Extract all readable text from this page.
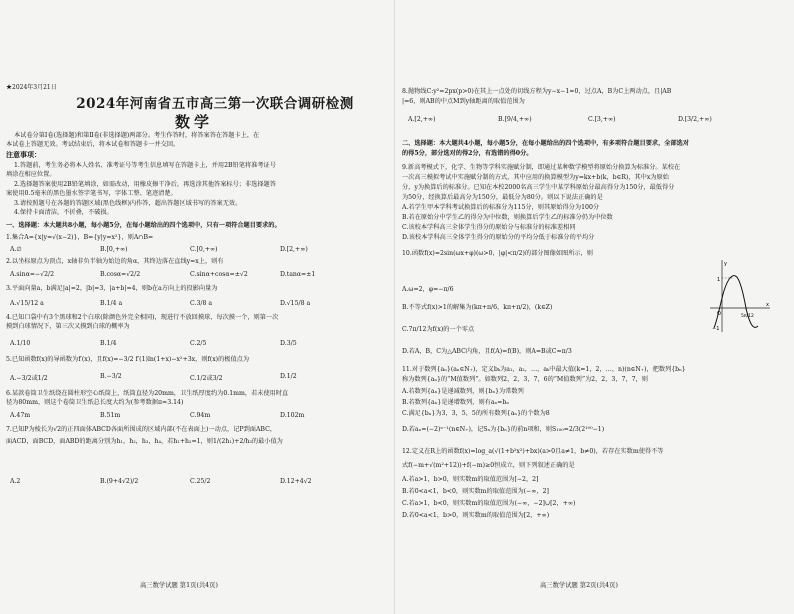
★2024年3月21日
2024年河南省五市高三第一次联合调研检测
数学
本试卷分第Ⅰ卷(选择题)和第Ⅱ卷(非选择题)两部分。考生作答时，将答案答在答题卡上，在
本试卷上答题无效。考试结束后，将本试卷和答题卡一并交回。
注意事项：
1.答题前，考生务必将本人姓名、准考证号等考生信息填写在答题卡上，并用2B铅笔将准考证号
填涂在相应位置。
2.选择题答案使用2B铅笔填涂，如需改动，用橡皮擦干净后，再选涂其他答案标号；非选择题答
案使用0.5毫米的黑色墨水签字笔书写，字体工整、笔迹清楚。
3.请按照题号在各题的答题区域(黑色线框)内作答，超出答题区域书写的答案无效。
4.保持卡面清洁，不折叠，不破损。
一、选择题：本大题共8小题，每小题5分，在每小题给出的四个选项中，只有一项符合题目要求的。
1.集合A={x|y=√(x−2)}，B={y|y=x²}，则A∩B=
A.∅	B.[0,+∞)	C.[0,+∞)	D.[2,+∞)
2.以坐标原点为顶点，x轴非负半轴为始边的角α，其终边落在直线y=x上，则有
A.sinα=−√2/2	B.cosα=√2/2	C.sinα+cosα=±√2	D.tanα=±1
3.平面向量a，b满足|a|=2，|b|=3，|a+b|=4，则b在a方向上的投影向量为
A.√15/12 a	B.1/4 a	C.3/8 a	D.√15/8 a
4.已知口袋中有3个黑球和2个白球(除颜色外完全相同)，现进行不放回摸球，每次摸一个，则第一次
摸到白球情况下，第三次又摸到白球的概率为
A.1/10	B.1/4	C.2/5	D.3/5
5.已知函数f(x)的导函数为f′(x)，且f(x)=−3/2 f′(1)ln(1+x)−x²+3x，则f(x)的极值点为
A.−3/2或1/2	B.−3/2	C.1/2或3/2	D.1/2
6.某款卷筒卫生纸绕在圆柱形空心纸筒上，纸筒直径为20mm，卫生纸厚度约为0.1mm，若未使用时直
径为80mm，则这个卷筒卫生纸总长度大约为(参考数据π≈3.14)
A.47m	B.51m	C.94m	D.102m
7.已知P为棱长为√2的正四面体ABCD各面所围成的区域内部(不在表面上)一动点，记P到面ABC，
面ACD，面BCD，面ABD的距离分别为h₁，h₂，h₃，h₄，若h₁+h₂=1，则1/(2h₁)+2/h₃的最小值为
A.2	B.(9+4√2)/2	C.25/2	D.12+4√2
高三数学试题 第1页(共4页)
8.抛物线C:y²=2px(p>0)在其上一点处的切线方程为y−x−1=0，过点A，B为C上两动点，且|AB
|=6，则AB的中点M到y轴距离的取值范围为
A.[2,+∞)	B.[9/4,+∞)	C.[3,+∞)	D.[3/2,+∞)
二、选择题：本大题共4小题，每小题5分，在每小题给出的四个选项中，有多项符合题目要求，全部选对
的得5分，部分选对的得2分，有选错的得0分。
9.新高考模式下，化学、生物等学科实施赋分制，即通过某种数学模型将原始分换算为标准分。某校在
一次高三模拟考试中实施赋分制的方式，其中应用的换算模型为y=kx+b(k，b∈R)，其中x为原始
分，y为换算后的标准分。已知在本校2000名高三学生中某学科原始分最高得分为150分，最低得分
为50分，经换算后最高分为150分，最低分为80分。则以下说法正确的是
A.若学生甲本学科考试换算后的标准分为115分，则其原始得分为100分
B.若在原始分中学生乙的得分为中位数，则换算后学生乙的标准分仍为中位数
C.该校本学科高三全体学生得分的原始分与标准分的标准差相同
D.该校本学科高三全体学生得分的原始分的平均分低于标准分的平均分
10.函数f(x)=2sin(ωx+φ)(ω>0，|φ|<π/2)的部分图像如图所示，则
A.ω=2，φ=−π/6
B.不等式f(x)>1的解集为(kπ+π/6，kπ+π/2)，(k∈Z)
C.7π/12为f(x)的一个零点
D.若A，B，C为△ABC内角，且f(A)=f(B)，则A=B或C=π/3
1
−1
O	5π/12
x
y
11.对于数列{aₙ}(aₙ∈N₊)，定义bₖ为a₁，a₂，…，aₖ中最大值(k=1，2，…，n)(n∈N₊)，把数列{bₙ}
称为数列{aₙ}的“M值数列”。如数列2，2，3，7，6的“M值数列”为2，2，3，7，7，则
A.若数列{aₙ}是递减数列，则{bₙ}为常数列
B.若数列{aₙ}是递增数列，则有aₙ=bₙ
C.满足{bₙ}为3，3，5，5的所有数列{aₙ}的个数为8
D.若aₙ=(−2)ⁿ⁻¹(n∈N₊)，记Sₙ为{bₙ}的前n项和，则S₁₀₀=2/3(2¹⁰⁰−1)
12.定义在R上的函数f(x)=log_a(√(1+b²x²)+bx)(a>0且a≠1，b≠0)，若存在实数m使得不等
式f(−m+√(m²+12))+f(−m)≥0恒成立，则下列叙述正确的是
A.若a>1，b>0，则实数m的取值范围为[−2，2]
B.若0<a<1，b<0，则实数m的取值范围为(−∞，2]
C.若a>1，b<0，则实数m的取值范围为(−∞，−2]∪[2，+∞)
D.若0<a<1，b>0，则实数m的取值范围为[2，+∞)
高三数学试题 第2页(共4页)
